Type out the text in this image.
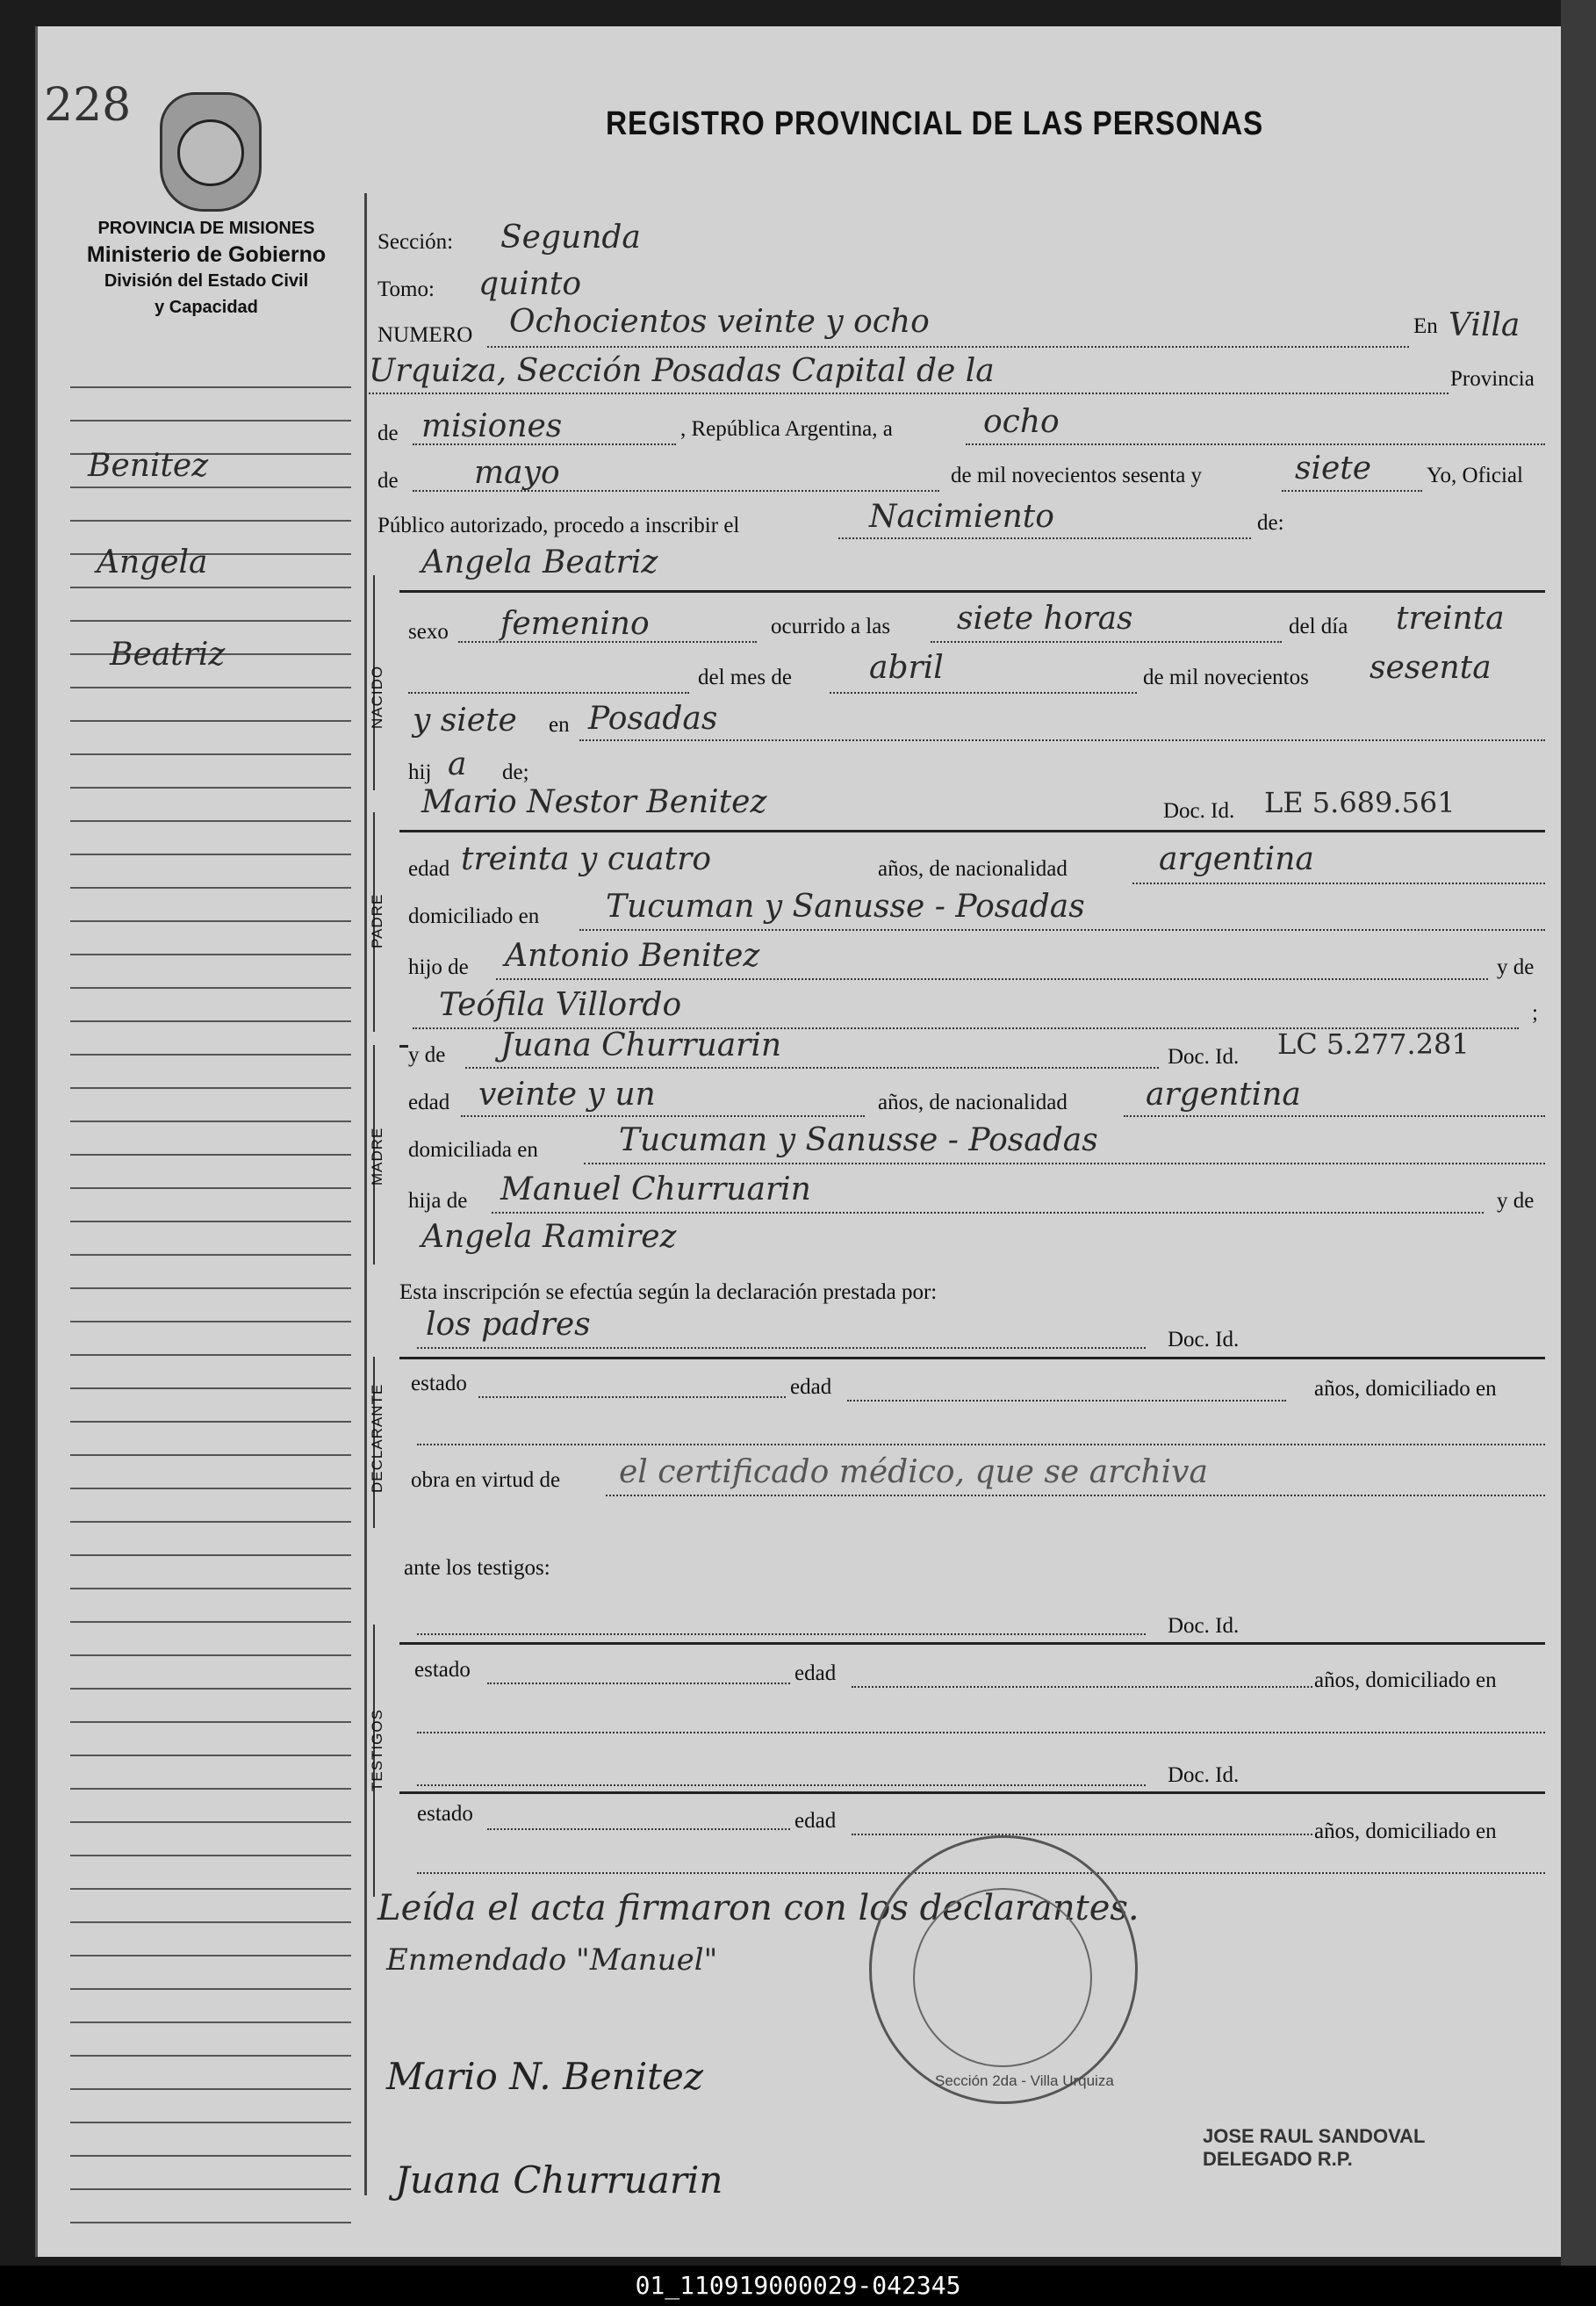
228
PROVINCIA DE MISIONES
Ministerio de Gobierno
División del Estado Civil
y Capacidad
REGISTRO PROVINCIAL DE LAS PERSONAS
Benitez
Angela
Beatriz
Sección: Segunda
Tomo: quinto
NUMERO Ochocientos veinte y ocho	En Villa
Urquiza, Sección Posadas Capital de la	Provincia
de misiones	, República Argentina, a	ocho
de mayo	de mil novecientos sesenta y	siete	Yo, Oficial
Público autorizado, procedo a inscribir el	Nacimiento	de:
Angela Beatriz
NACIDO
sexo femenino	ocurrido a las siete horas	del día treinta
del mes de abril	de mil novecientos sesenta
y siete en Posadas
hij a de;
Mario Nestor Benitez	Doc. Id. LE 5.689.561
PADRE
edad treinta y cuatro	años, de nacionalidad	argentina
domiciliado en Tucuman y Sanusse - Posadas
hijo de Antonio Benitez	y de
Teófila Villordo	;
y de Juana Churruarin	Doc. Id. LC 5.277.281
MADRE
edad veinte y un	años, de nacionalidad argentina
domiciliada en	Tucuman y Sanusse - Posadas
hija de Manuel Churruarin	y de
Angela Ramirez
Esta inscripción se efectúa según la declaración prestada por:
los padres	Doc. Id.
DECLARANTE
estado	edad	años, domiciliado en
obra en virtud de el certificado médico, que se archiva
ante los testigos:
Doc. Id.
TESTIGOS
estado	edad	años, domiciliado en
Doc. Id.
estado	edad	años, domiciliado en
Leída el acta firmaron con los declarantes.
Enmendado "Manuel"
Sección 2da - Villa Urquiza
JOSE RAUL SANDOVAL
DELEGADO R.P.
Mario N. Benitez
Juana Churruarin
01_110919000029-042345
